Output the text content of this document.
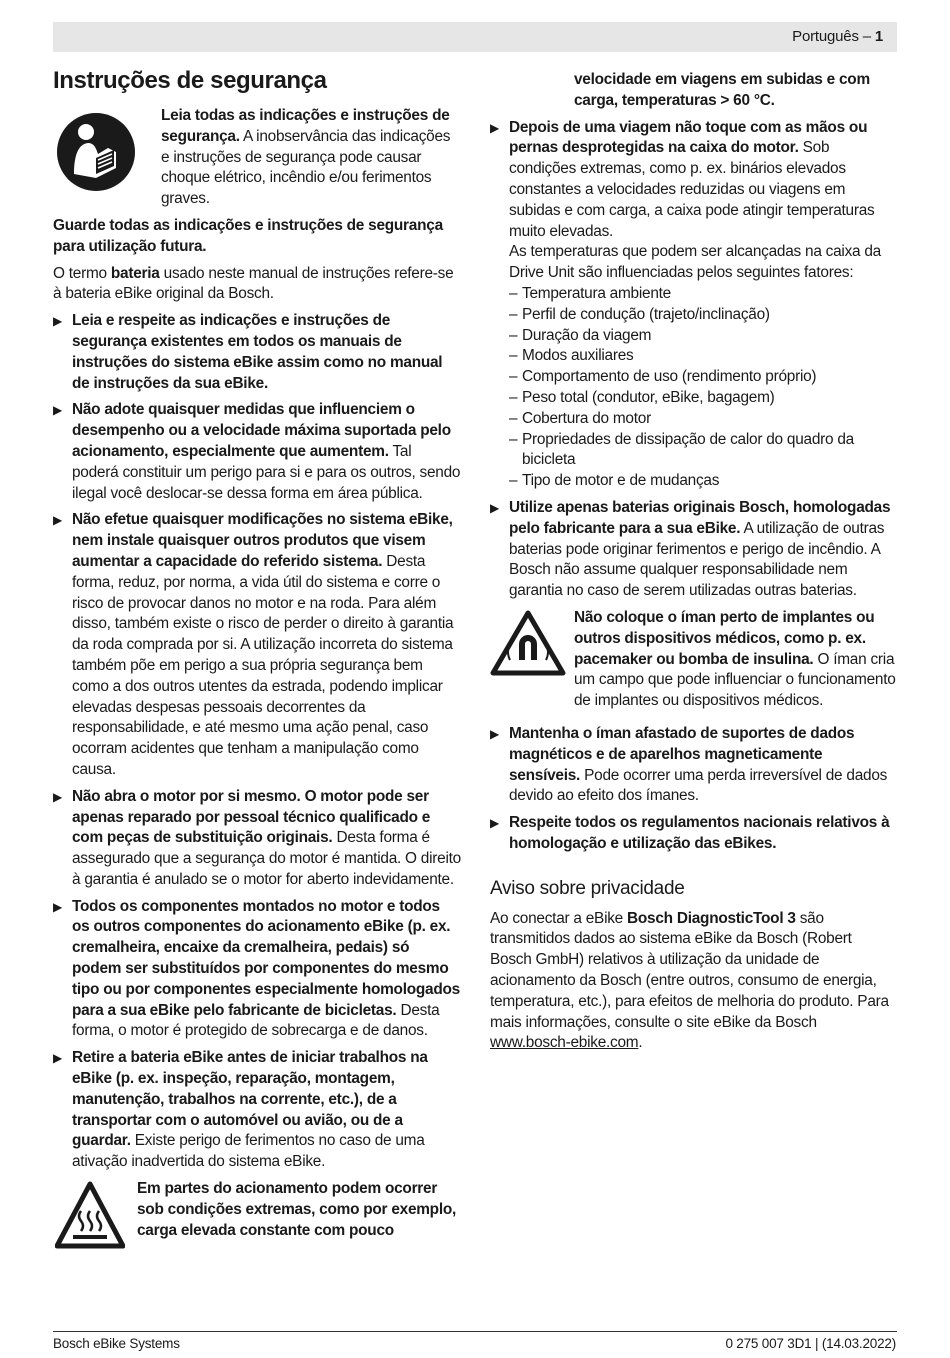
Português – 1
Instruções de segurança

Leia todas as indicações e instruções de segurança. A inobservância das indicações e instruções de segurança pode causar choque elétrico, incêndio e/ou ferimentos graves.

Guarde todas as indicações e instruções de segurança para utilização futura.

O termo bateria usado neste manual de instruções refere-se à bateria eBike original da Bosch.

▶ Leia e respeite as indicações e instruções de segurança existentes em todos os manuais de instruções do sistema eBike assim como no manual de instruções da sua eBike.
▶ Não adote quaisquer medidas que influenciem o desempenho ou a velocidade máxima suportada pelo acionamento, especialmente que aumentem. Tal poderá constituir um perigo para si e para os outros, sendo ilegal você deslocar-se dessa forma em área pública.
▶ Não efetue quaisquer modificações no sistema eBike, nem instale quaisquer outros produtos que visem aumentar a capacidade do referido sistema. Desta forma, reduz, por norma, a vida útil do sistema e corre o risco de provocar danos no motor e na roda. Para além disso, também existe o risco de perder o direito à garantia da roda comprada por si. A utilização incorreta do sistema também põe em perigo a sua própria segurança bem como a dos outros utentes da estrada, podendo implicar elevadas despesas pessoais decorrentes da responsabilidade, e até mesmo uma ação penal, caso ocorram acidentes que tenham a manipulação como causa.
▶ Não abra o motor por si mesmo. O motor pode ser apenas reparado por pessoal técnico qualificado e com peças de substituição originais. Desta forma é assegurado que a segurança do motor é mantida. O direito à garantia é anulado se o motor for aberto indevidamente.
▶ Todos os componentes montados no motor e todos os outros componentes do acionamento eBike (p. ex. cremalheira, encaixe da cremalheira, pedais) só podem ser substituídos por componentes do mesmo tipo ou por componentes especialmente homologados para a sua eBike pelo fabricante de bicicletas. Desta forma, o motor é protegido de sobrecarga e de danos.
▶ Retire a bateria eBike antes de iniciar trabalhos na eBike (p. ex. inspeção, reparação, montagem, manutenção, trabalhos na corrente, etc.), de a transportar com o automóvel ou avião, ou de a guardar. Existe perigo de ferimentos no caso de uma ativação inadvertida do sistema eBike.

Em partes do acionamento podem ocorrer sob condições extremas, como por exemplo, carga elevada constante com pouco

velocidade em viagens em subidas e com carga, temperaturas > 60 °C.

▶ Depois de uma viagem não toque com as mãos ou pernas desprotegidas na caixa do motor. Sob condições extremas, como p. ex. binários elevados constantes a velocidades reduzidas ou viagens em subidas e com carga, a caixa pode atingir temperaturas muito elevadas.
As temperaturas que podem ser alcançadas na caixa da Drive Unit são influenciadas pelos seguintes fatores:
– Temperatura ambiente
– Perfil de condução (trajeto/inclinação)
– Duração da viagem
– Modos auxiliares
– Comportamento de uso (rendimento próprio)
– Peso total (condutor, eBike, bagagem)
– Cobertura do motor
– Propriedades de dissipação de calor do quadro da bicicleta
– Tipo de motor e de mudanças
▶ Utilize apenas baterias originais Bosch, homologadas pelo fabricante para a sua eBike. A utilização de outras baterias pode originar ferimentos e perigo de incêndio. A Bosch não assume qualquer responsabilidade nem garantia no caso de serem utilizadas outras baterias.

Não coloque o íman perto de implantes ou outros dispositivos médicos, como p. ex. pacemaker ou bomba de insulina. O íman cria um campo que pode influenciar o funcionamento de implantes ou dispositivos médicos.

▶ Mantenha o íman afastado de suportes de dados magnéticos e de aparelhos magneticamente sensíveis. Pode ocorrer uma perda irreversível de dados devido ao efeito dos ímanes.
▶ Respeite todos os regulamentos nacionais relativos à homologação e utilização das eBikes.
Aviso sobre privacidade

Ao conectar a eBike Bosch DiagnosticTool 3 são transmitidos dados ao sistema eBike da Bosch (Robert Bosch GmbH) relativos à utilização da unidade de acionamento da Bosch (entre outros, consumo de energia, temperatura, etc.), para efeitos de melhoria do produto. Para mais informações, consulte o site eBike da Bosch www.bosch-ebike.com.

Bosch eBike Systems	0 275 007 3D1 | (14.03.2022)
